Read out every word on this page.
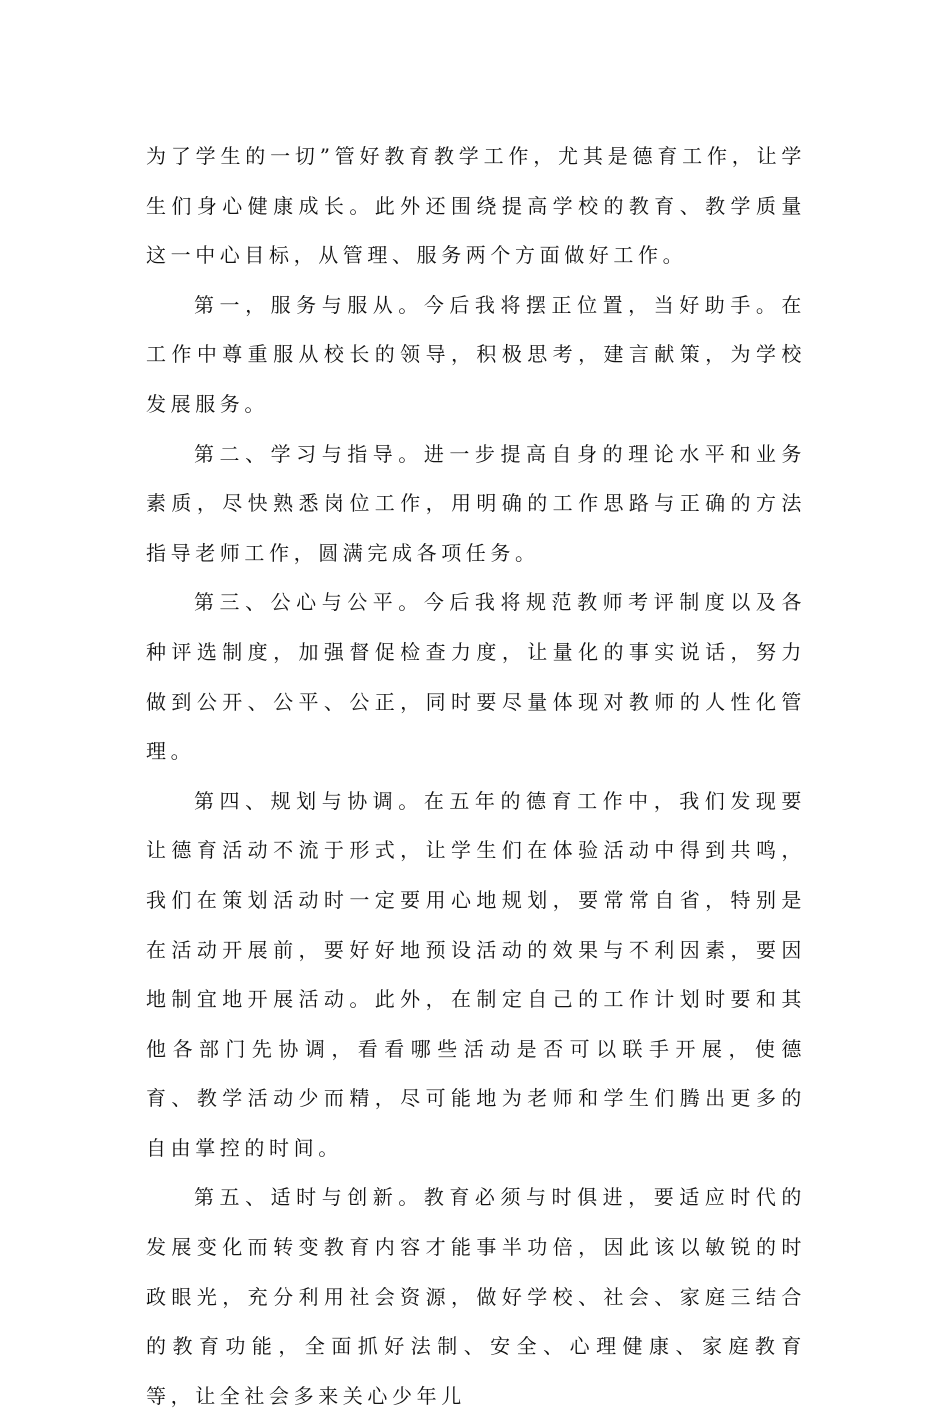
为了学生的一切”管好教育教学工作，尤其是德育工作，让学生们身心健康成长。此外还围绕提高学校的教育、教学质量这一中心目标，从管理、服务两个方面做好工作。

第一，服务与服从。今后我将摆正位置，当好助手。在工作中尊重服从校长的领导，积极思考，建言献策，为学校发展服务。

第二、学习与指导。进一步提高自身的理论水平和业务素质，尽快熟悉岗位工作，用明确的工作思路与正确的方法指导老师工作，圆满完成各项任务。

第三、公心与公平。今后我将规范教师考评制度以及各种评选制度，加强督促检查力度，让量化的事实说话，努力做到公开、公平、公正，同时要尽量体现对教师的人性化管理。

第四、规划与协调。在五年的德育工作中，我们发现要让德育活动不流于形式，让学生们在体验活动中得到共鸣，我们在策划活动时一定要用心地规划，要常常自省，特别是在活动开展前，要好好地预设活动的效果与不利因素，要因地制宜地开展活动。此外，在制定自己的工作计划时要和其他各部门先协调，看看哪些活动是否可以联手开展，使德育、教学活动少而精，尽可能地为老师和学生们腾出更多的自由掌控的时间。

第五、适时与创新。教育必须与时俱进，要适应时代的发展变化而转变教育内容才能事半功倍，因此该以敏锐的时政眼光，充分利用社会资源，做好学校、社会、家庭三结合的教育功能，全面抓好法制、安全、心理健康、家庭教育等，让全社会多来关心少年儿
